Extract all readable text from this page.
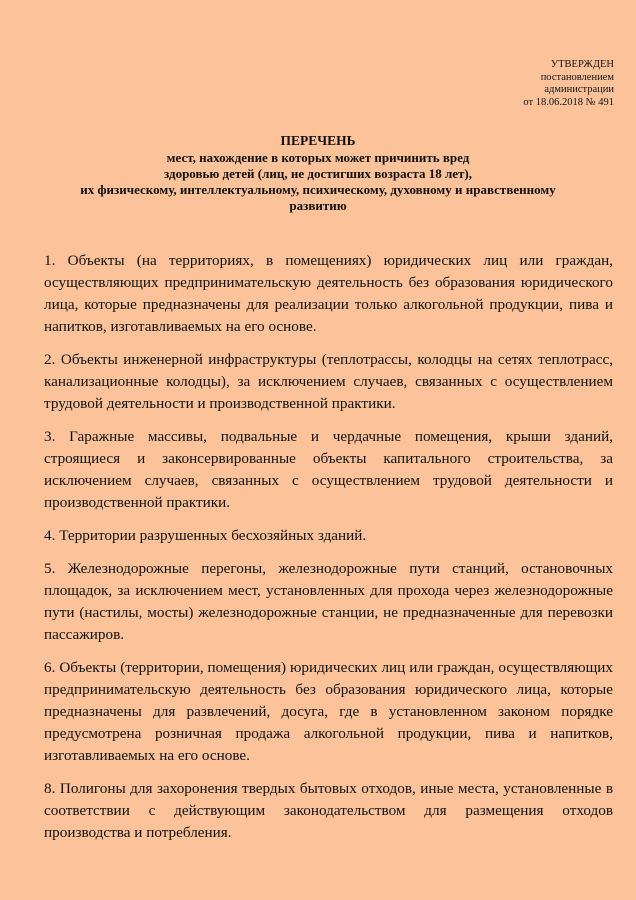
УТВЕРЖДЕН
постановлением
администрации
от 18.06.2018 № 491
ПЕРЕЧЕНЬ
мест, нахождение в которых может причинить вред
здоровью детей (лиц, не достигших возраста 18 лет),
их физическому, интеллектуальному, психическому, духовному и нравственному
развитию

1. Объекты (на территориях, в помещениях) юридических лиц или граждан, осуществляющих предпринимательскую деятельность без образования юридического лица, которые предназначены для реализации только алкогольной продукции, пива и напитков, изготавливаемых на его основе.

2. Объекты инженерной инфраструктуры (теплотрассы, колодцы на сетях теплотрасс, канализационные колодцы), за исключением случаев, связанных с осуществлением трудовой деятельности и производственной практики.

3. Гаражные массивы, подвальные и чердачные помещения, крыши зданий, строящиеся и законсервированные объекты капитального строительства, за исключением случаев, связанных с осуществлением трудовой деятельности и производственной практики.

4. Территории разрушенных бесхозяйных зданий.

5. Железнодорожные перегоны, железнодорожные пути станций, остановочных площадок, за исключением мест, установленных для прохода через железнодорожные пути (настилы, мосты) железнодорожные станции, не предназначенные для перевозки пассажиров.

6. Объекты (территории, помещения) юридических лиц или граждан, осуществляющих предпринимательскую деятельность без образования юридического лица, которые предназначены для развлечений, досуга, где в установленном законом порядке предусмотрена розничная продажа алкогольной продукции, пива и напитков, изготавливаемых на его основе.

8. Полигоны для захоронения твердых бытовых отходов, иные места, установленные в соответствии с действующим законодательством для размещения отходов производства и потребления.
